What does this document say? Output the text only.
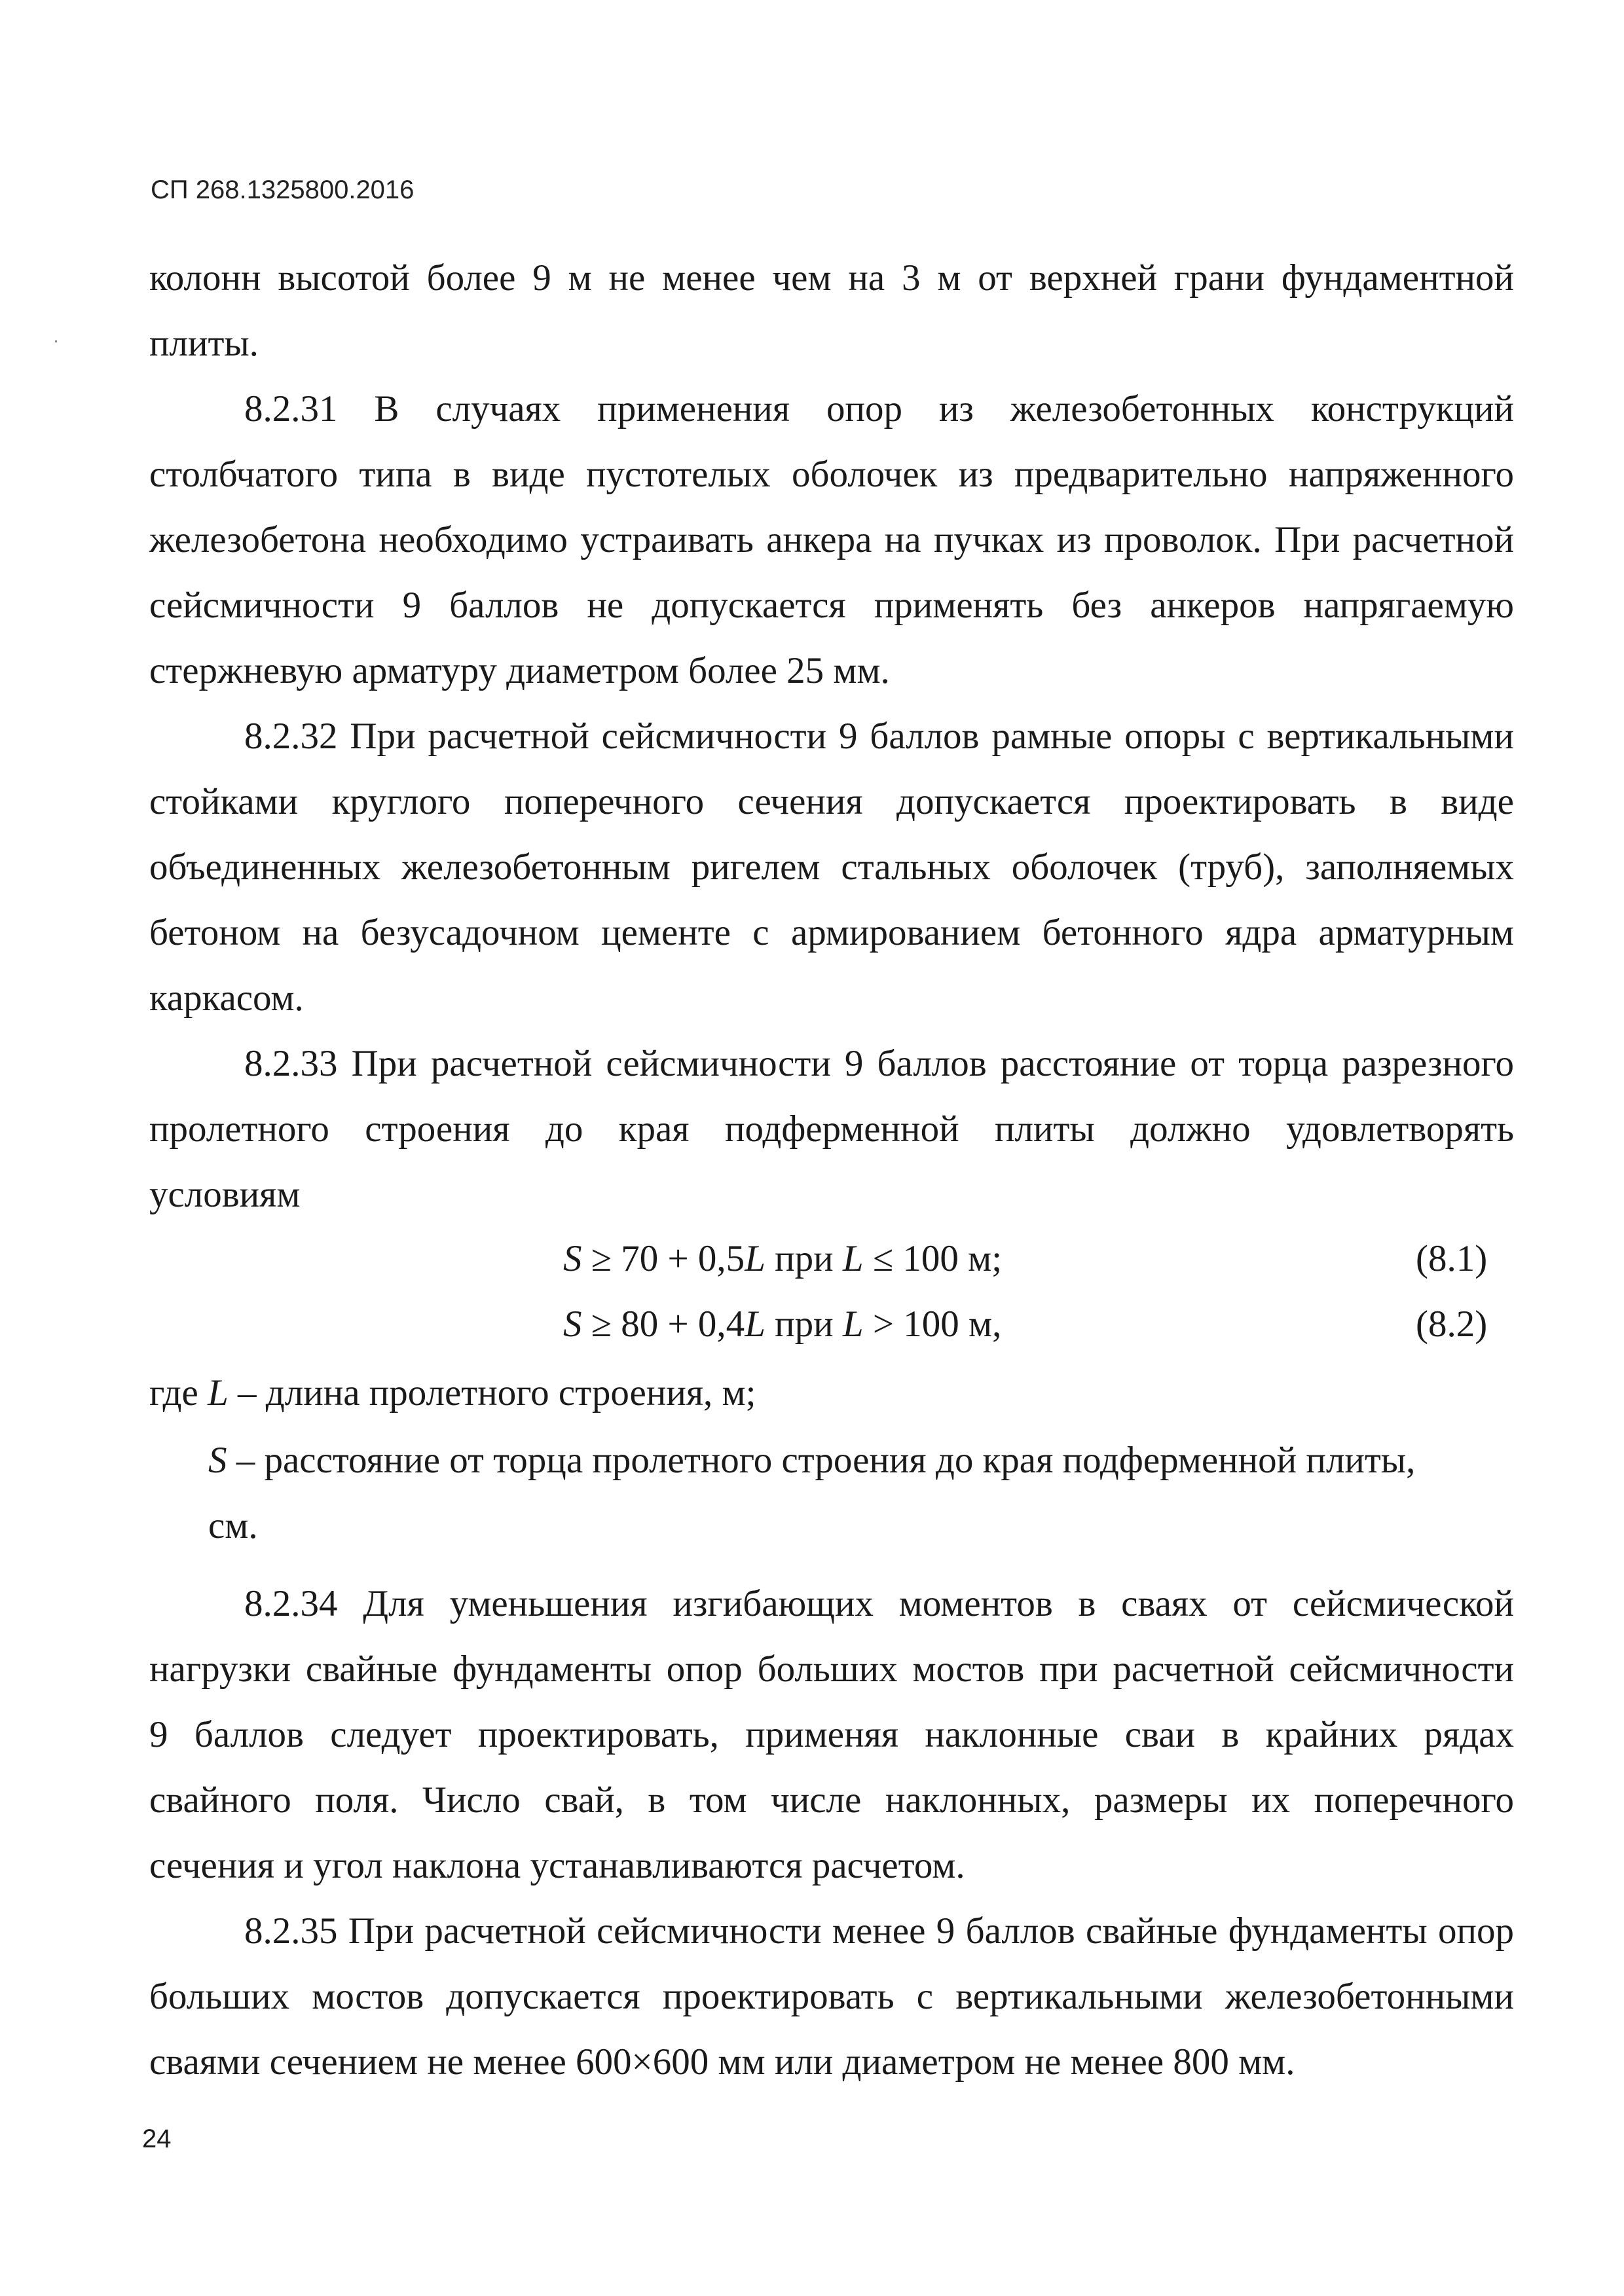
СП 268.1325800.2016
колонн высотой более 9 м не менее чем на 3 м от верхней грани фундаментной
плиты.
8.2.31 В случаях применения опор из железобетонных конструкций
столбчатого типа в виде пустотелых оболочек из предварительно напряженного
железобетона необходимо устраивать анкера на пучках из проволок. При расчетной
сейсмичности 9 баллов не допускается применять без анкеров напрягаемую
стержневую арматуру диаметром более 25 мм.
8.2.32 При расчетной сейсмичности 9 баллов рамные опоры с вертикальными
стойками круглого поперечного сечения допускается проектировать в виде
объединенных железобетонным ригелем стальных оболочек (труб), заполняемых
бетоном на безусадочном цементе с армированием бетонного ядра арматурным
каркасом.
8.2.33 При расчетной сейсмичности 9 баллов расстояние от торца разрезного
пролетного строения до края подферменной плиты должно удовлетворять
условиям
S ≥ 70 + 0,5L при L ≤ 100 м;	(8.1)
S ≥ 80 + 0,4L при L > 100 м,	(8.2)
где L – длина пролетного строения, м;
S – расстояние от торца пролетного строения до края подферменной плиты,
см.
8.2.34 Для уменьшения изгибающих моментов в сваях от сейсмической
нагрузки свайные фундаменты опор больших мостов при расчетной сейсмичности
9 баллов следует проектировать, применяя наклонные сваи в крайних рядах
свайного поля. Число свай, в том числе наклонных, размеры их поперечного
сечения и угол наклона устанавливаются расчетом.
8.2.35 При расчетной сейсмичности менее 9 баллов свайные фундаменты опор
больших мостов допускается проектировать с вертикальными железобетонными
сваями сечением не менее 600×600 мм или диаметром не менее 800 мм.
24
